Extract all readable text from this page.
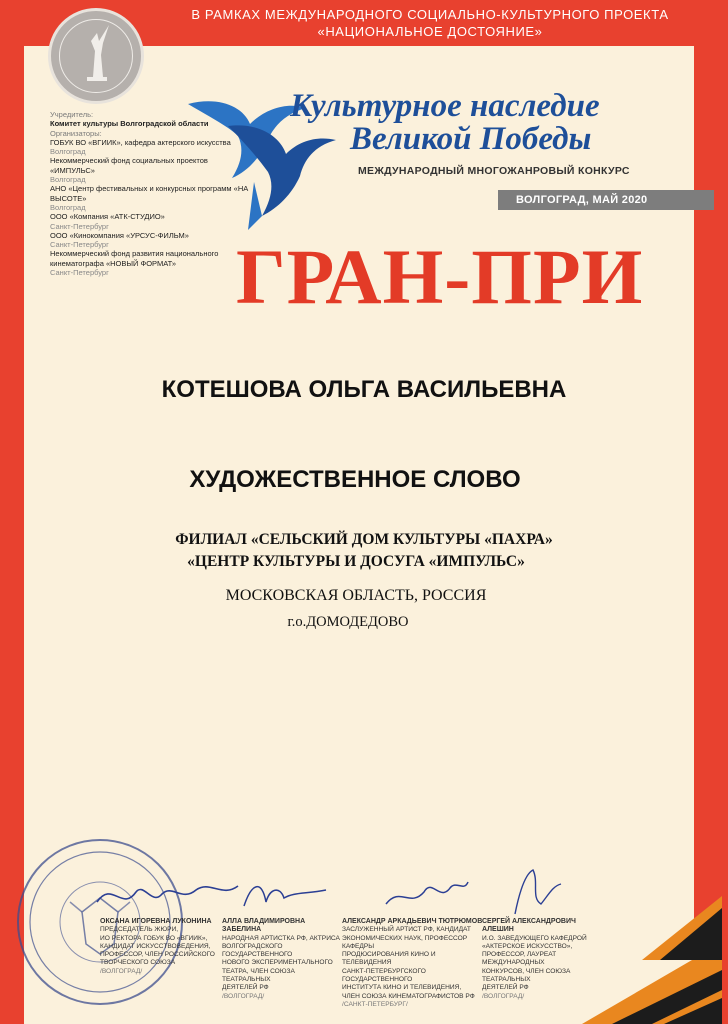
В РАМКАХ МЕЖДУНАРОДНОГО СОЦИАЛЬНО-КУЛЬТУРНОГО ПРОЕКТА
«НАЦИОНАЛЬНОЕ ДОСТОЯНИЕ»
Учредитель:
Комитет культуры Волгоградской области
Организаторы:
ГОБУК ВО «ВГИИК», кафедра актерского искусства
Волгоград
Некоммерческий фонд социальных проектов «ИМПУЛЬС»
Волгоград
АНО «Центр фестивальных и конкурсных программ «НА ВЫСОТЕ»
Волгоград
ООО «Компания «АТК-СТУДИО»
Санкт-Петербург
ООО «Кинокомпания «УРСУС-ФИЛЬМ»
Санкт-Петербург
Некоммерческий фонд развития национального кинематографа «НОВЫЙ ФОРМАТ»
Санкт-Петербург
Культурное наследие
Великой Победы
МЕЖДУНАРОДНЫЙ МНОГОЖАНРОВЫЙ КОНКУРС
ВОЛГОГРАД, МАЙ 2020
ГРАН-ПРИ
КОТЕШОВА ОЛЬГА ВАСИЛЬЕВНА
ХУДОЖЕСТВЕННОЕ СЛОВО
ФИЛИАЛ «СЕЛЬСКИЙ ДОМ КУЛЬТУРЫ «ПАХРА»
«ЦЕНТР КУЛЬТУРЫ И ДОСУГА «ИМПУЛЬС»
МОСКОВСКАЯ ОБЛАСТЬ, РОССИЯ
г.о.ДОМОДЕДОВО
ОКСАНА ИГОРЕВНА ЛУКОНИНА
ПРЕДСЕДАТЕЛЬ ЖЮРИ,
ИО РЕКТОРА ГОБУК ВО «ВГИИК»,
КАНДИДАТ ИСКУССТВОВЕДЕНИЯ,
ПРОФЕССОР, ЧЛЕН РОССИЙСКОГО
ТВОРЧЕСКОГО СОЮЗА
/ВОЛГОГРАД/
АЛЛА ВЛАДИМИРОВНА ЗАБЕЛИНА
НАРОДНАЯ АРТИСТКА РФ, АКТРИСА
ВОЛГОГРАДСКОГО ГОСУДАРСТВЕННОГО
НОВОГО ЭКСПЕРИМЕНТАЛЬНОГО
ТЕАТРА, ЧЛЕН СОЮЗА ТЕАТРАЛЬНЫХ
ДЕЯТЕЛЕЙ РФ
/ВОЛГОГРАД/
АЛЕКСАНДР АРКАДЬЕВИЧ ТЮТРЮМОВ
ЗАСЛУЖЕННЫЙ АРТИСТ РФ, КАНДИДАТ
ЭКОНОМИЧЕСКИХ НАУК, ПРОФЕССОР КАФЕДРЫ
ПРОДЮСИРОВАНИЯ КИНО И ТЕЛЕВИДЕНИЯ
САНКТ-ПЕТЕРБУРГСКОГО ГОСУДАРСТВЕННОГО
ИНСТИТУТА КИНО И ТЕЛЕВИДЕНИЯ,
ЧЛЕН СОЮЗА КИНЕМАТОГРАФИСТОВ РФ
/САНКТ-ПЕТЕРБУРГ/
СЕРГЕЙ АЛЕКСАНДРОВИЧ АЛЕШИН
И.О. ЗАВЕДУЮЩЕГО КАФЕДРОЙ
«АКТЕРСКОЕ ИСКУССТВО»,
ПРОФЕССОР, ЛАУРЕАТ МЕЖДУНАРОДНЫХ
КОНКУРСОВ, ЧЛЕН СОЮЗА ТЕАТРАЛЬНЫХ
ДЕЯТЕЛЕЙ РФ
/ВОЛГОГРАД/
